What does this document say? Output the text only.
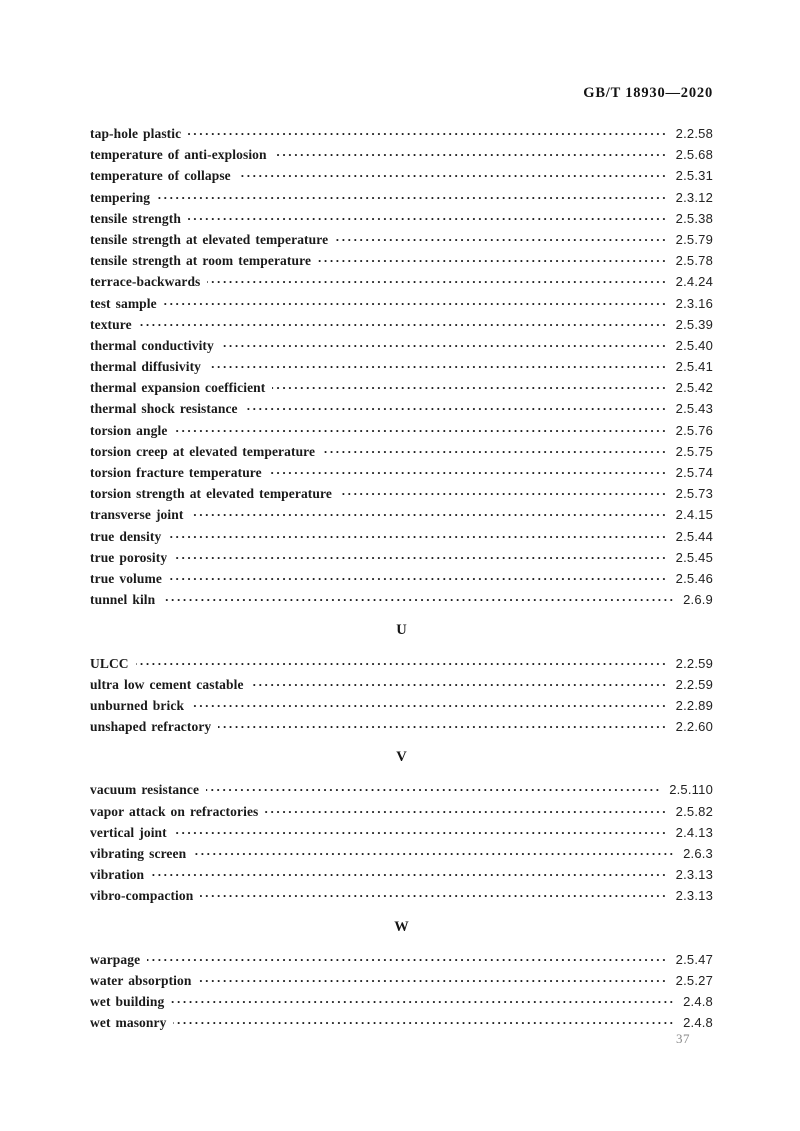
GB/T 18930—2020
tap-hole plastic ·····	2.2.58
temperature of anti-explosion ·····	2.5.68
temperature of collapse ·····	2.5.31
tempering ·····	2.3.12
tensile strength ·····	2.5.38
tensile strength at elevated temperature ·····	2.5.79
tensile strength at room temperature ·····	2.5.78
terrace-backwards ·····	2.4.24
test sample ·····	2.3.16
texture ·····	2.5.39
thermal conductivity ·····	2.5.40
thermal diffusivity ·····	2.5.41
thermal expansion coefficient ·····	2.5.42
thermal shock resistance ·····	2.5.43
torsion angle ·····	2.5.76
torsion creep at elevated temperature ·····	2.5.75
torsion fracture temperature ·····	2.5.74
torsion strength at elevated temperature ·····	2.5.73
transverse joint ·····	2.4.15
true density ·····	2.5.44
true porosity ·····	2.5.45
true volume ·····	2.5.46
tunnel kiln ·····	2.6.9
U
ULCC ·····	2.2.59
ultra low cement castable ·····	2.2.59
unburned brick ·····	2.2.89
unshaped refractory ·····	2.2.60
V
vacuum resistance ·····	2.5.110
vapor attack on refractories ·····	2.5.82
vertical joint ·····	2.4.13
vibrating screen ·····	2.6.3
vibration ·····	2.3.13
vibro-compaction ·····	2.3.13
W
warpage ·····	2.5.47
water absorption ·····	2.5.27
wet building ·····	2.4.8
wet masonry ·····	2.4.8
37
